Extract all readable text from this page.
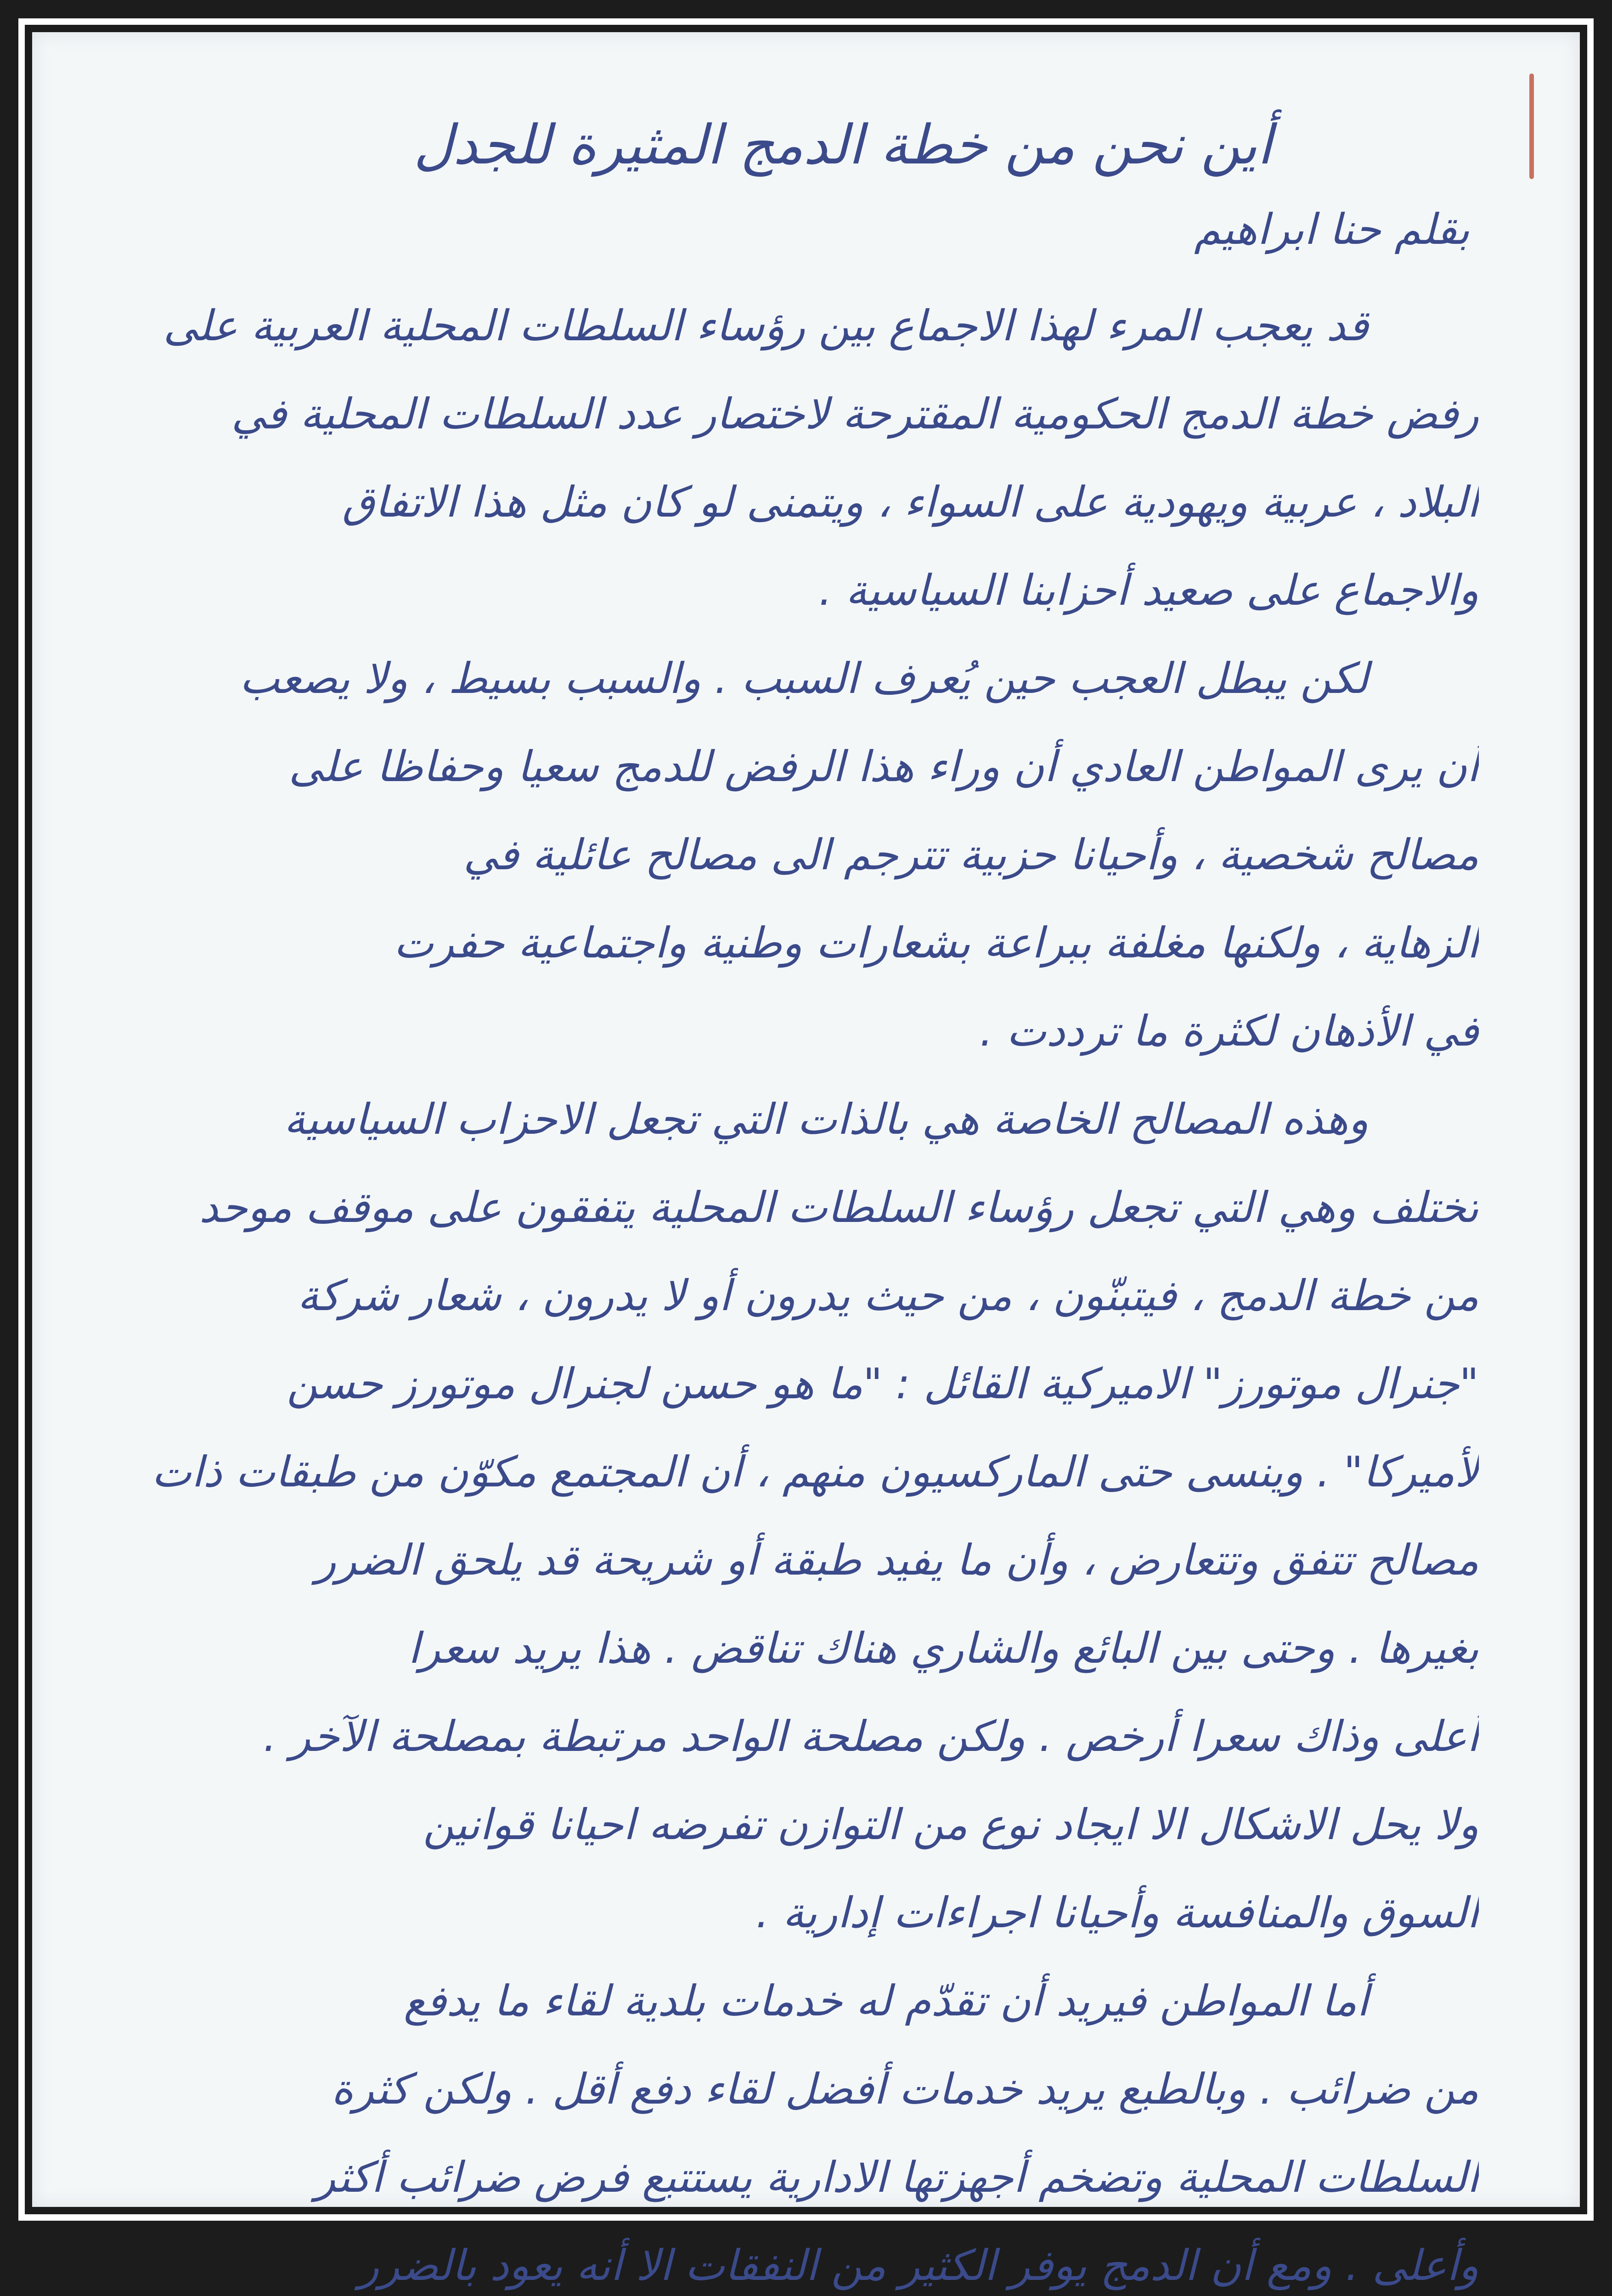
أين نحن من خطة الدمج المثيرة للجدل
بقلم حنا ابراهيم
قد يعجب المرء لهذا الاجماع بين رؤساء السلطات المحلية العربية على
رفض خطة الدمج الحكومية المقترحة لاختصار عدد السلطات المحلية في
البلاد ، عربية ويهودية على السواء ، ويتمنى لو كان مثل هذا الاتفاق
والاجماع على صعيد أحزابنا السياسية .
لكن يبطل العجب حين يُعرف السبب . والسبب بسيط ، ولا يصعب
أن يرى المواطن العادي أن وراء هذا الرفض للدمج سعيا وحفاظا على
مصالح شخصية ، وأحيانا حزبية تترجم الى مصالح عائلية في
الزهاية ، ولكنها مغلفة ببراعة بشعارات وطنية واجتماعية حفرت
في الأذهان لكثرة ما ترددت .
وهذه المصالح الخاصة هي بالذات التي تجعل الاحزاب السياسية
تختلف وهي التي تجعل رؤساء السلطات المحلية يتفقون على موقف موحد
من خطة الدمج ، فيتبنّون ، من حيث يدرون أو لا يدرون ، شعار شركة
"جنرال موتورز" الاميركية القائل : "ما هو حسن لجنرال موتورز حسن
لأميركا" . وينسى حتى الماركسيون منهم ، أن المجتمع مكوّن من طبقات ذات
مصالح تتفق وتتعارض ، وأن ما يفيد طبقة أو شريحة قد يلحق الضرر
بغيرها . وحتى بين البائع والشاري هناك تناقض . هذا يريد سعرا
أعلى وذاك سعرا أرخص . ولكن مصلحة الواحد مرتبطة بمصلحة الآخر .
ولا يحل الاشكال الا ايجاد نوع من التوازن تفرضه احيانا قوانين
السوق والمنافسة وأحيانا اجراءات إدارية .
أما المواطن فيريد أن تقدّم له خدمات بلدية لقاء ما يدفع
من ضرائب . وبالطبع يريد خدمات أفضل لقاء دفع أقل . ولكن كثرة
السلطات المحلية وتضخم أجهزتها الادارية يستتبع فرض ضرائب أكثر
وأعلى . ومع أن الدمج يوفر الكثير من النفقات الا أنه يعود بالضرر
